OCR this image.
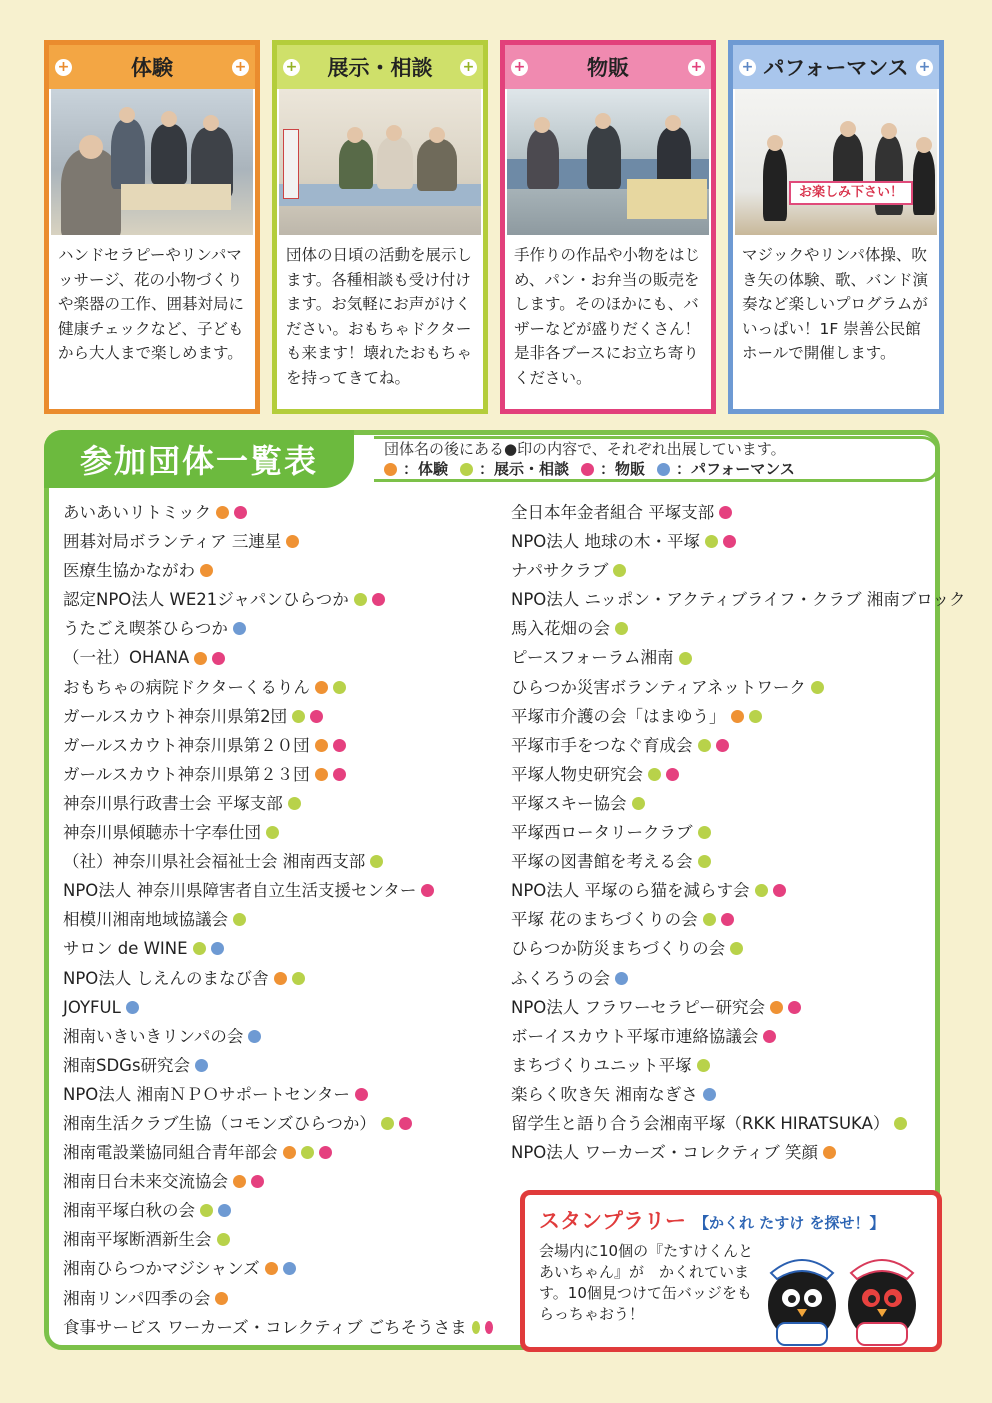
+	体験	+
ハンドセラピーやリンパマッサージ、花の小物づくりや楽器の工作、囲碁対局に健康チェックなど、子どもから大人まで楽しめます。
+	展示・相談	+
団体の日頃の活動を展示します。各種相談も受け付けます。お気軽にお声がけください。おもちゃドクターも来ます！壊れたおもちゃを持ってきてね。
+	物販	+
手作りの作品や小物をはじめ、パン・お弁当の販売をします。そのほかにも、バザーなどが盛りだくさん！是非各ブースにお立ち寄りください。
+ パフォーマンス +
お楽しみ下さい！
マジックやリンパ体操、吹き矢の体験、歌、バンド演奏など楽しいプログラムがいっぱい！1F 崇善公民館ホールで開催します。
参加団体一覧表	団体名の後にある●印の内容で、それぞれ出展しています。
：体験 ：展示・相談 ：物販 ：パフォーマンス
あいあいリトミック
囲碁対局ボランティア 三連星
医療生協かながわ
認定NPO法人 WE21ジャパンひらつか
うたごえ喫茶ひらつか
（一社）OHANA
おもちゃの病院ドクターくるりん
ガールスカウト神奈川県第2団
ガールスカウト神奈川県第２０団
ガールスカウト神奈川県第２３団
神奈川県行政書士会 平塚支部
神奈川県傾聴赤十字奉仕団
（社）神奈川県社会福祉士会 湘南西支部
NPO法人 神奈川県障害者自立生活支援センター
相模川湘南地域協議会
サロン de WINE
NPO法人 しえんのまなび舎
JOYFUL
湘南いきいきリンパの会
湘南SDGs研究会
NPO法人 湘南ＮＰＯサポートセンター
湘南生活クラブ生協（コモンズひらつか）
湘南電設業協同組合青年部会
湘南日台未来交流協会
湘南平塚白秋の会
湘南平塚断酒新生会
湘南ひらつかマジシャンズ
湘南リンパ四季の会
食事サービス ワーカーズ・コレクティブ ごちそうさま
全日本年金者組合 平塚支部
NPO法人 地球の木・平塚
ナパサクラブ
NPO法人 ニッポン・アクティブライフ・クラブ 湘南ブロック
馬入花畑の会
ピースフォーラム湘南
ひらつか災害ボランティアネットワーク
平塚市介護の会「はまゆう」
平塚市手をつなぐ育成会
平塚人物史研究会
平塚スキー協会
平塚西ロータリークラブ
平塚の図書館を考える会
NPO法人 平塚のら猫を減らす会
平塚 花のまちづくりの会
ひらつか防災まちづくりの会
ふくろうの会
NPO法人 フラワーセラピー研究会
ボーイスカウト平塚市連絡協議会
まちづくりユニット平塚
楽らく吹き矢 湘南なぎさ
留学生と語り合う会湘南平塚（RKK HIRATSUKA）
NPO法人 ワーカーズ・コレクティブ 笑顔
スタンプラリー 【かくれ たすけ を探せ！】
会場内に10個の『たすけくんとあいちゃん』が　かくれています。10個見つけて缶バッジをもらっちゃおう！
